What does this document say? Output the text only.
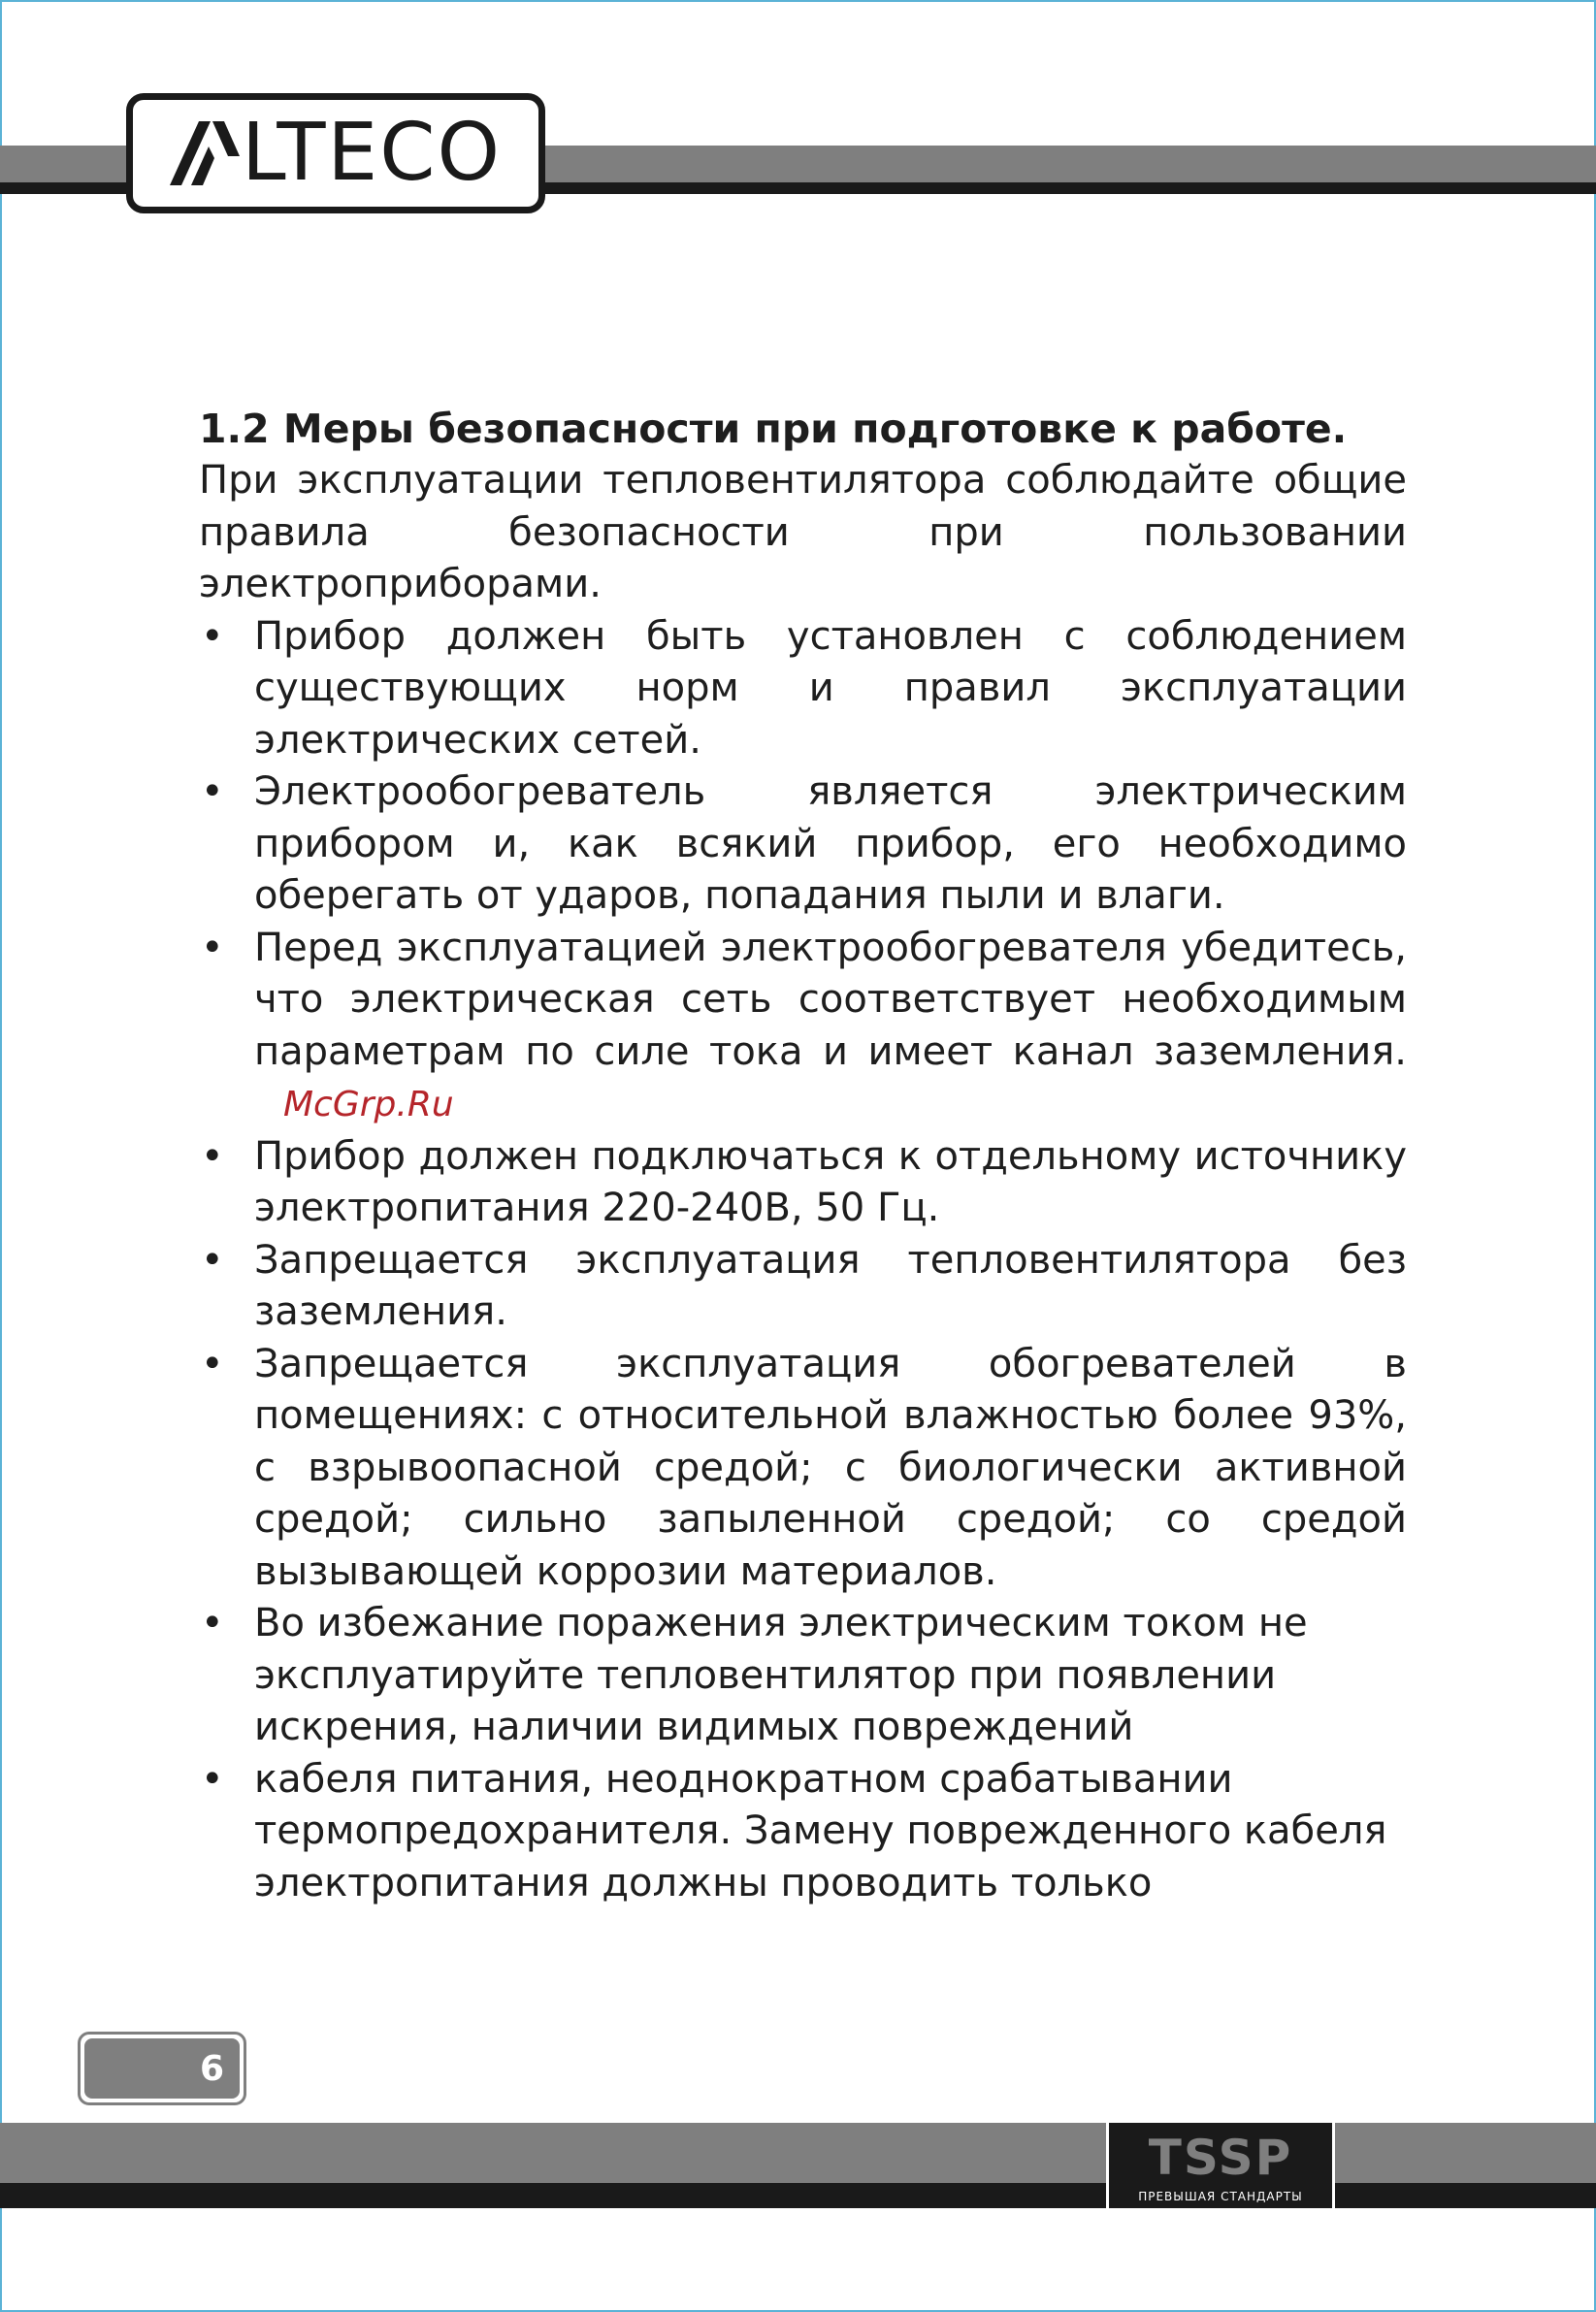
LTECO
1.2 Меры безопасности при подготовке к работе.

При эксплуатации тепловентилятора соблюдайте общие правила безопасности при пользовании электроприборами.

• Прибор должен быть установлен с соблюдением существующих норм и правил эксплуатации электрических сетей.
• Электрообогреватель является электрическим прибором и, как всякий прибор, его необходимо оберегать от ударов, попадания пыли и влаги.
• Перед эксплуатацией электрообогревателя убедитесь, что электрическая сеть соответствует необходимым параметрам по силе тока и имеет канал заземления. McGrp.Ru
• Прибор должен подключаться к отдельному источнику электропитания 220-240В, 50 Гц.
• Запрещается эксплуатация тепловентилятора без заземления.
• Запрещается эксплуатация обогревателей в помещениях: с относительной влажностью более 93%, с взрывоопасной средой; с биологически активной средой; сильно запыленной средой; со средой вызывающей коррозии материалов.
• Во избежание поражения электрическим током не эксплуатируйте тепловентилятор при появлении искрения, наличии видимых повреждений
• кабеля питания, неоднократном срабатывании термопредохранителя. Замену поврежденного кабеля электропитания должны проводить только
6
TSSP
ПРЕВЫШАЯ СТАНДАРТЫ
